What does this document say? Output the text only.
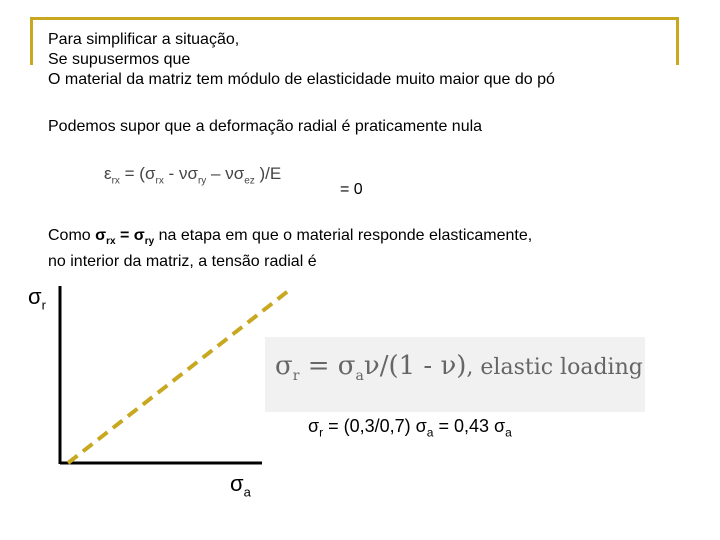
Para simplificar a situação,
Se supusermos que
O material da matriz tem módulo de elasticidade muito maior que do pó
Podemos supor que a deformação radial é praticamente nula
$\varepsilon_{rx} = (\sigma_{rx} - \nu\sigma_{ry} - \nu\sigma_{ez}$ )/E
= 0
Como $\sigma_{rx} = \sigma_{ry}$ na etapa em que o material responde elasticamente,
no interior da matriz, a tensão radial é
$\sigma_r$
$\sigma_a$
$\sigma_r = \sigma_a\nu/(1 - \nu)$, elastic loading
$\sigma_r = (0,3/0,7) \sigma_a = 0,43$ $\sigma_a$
